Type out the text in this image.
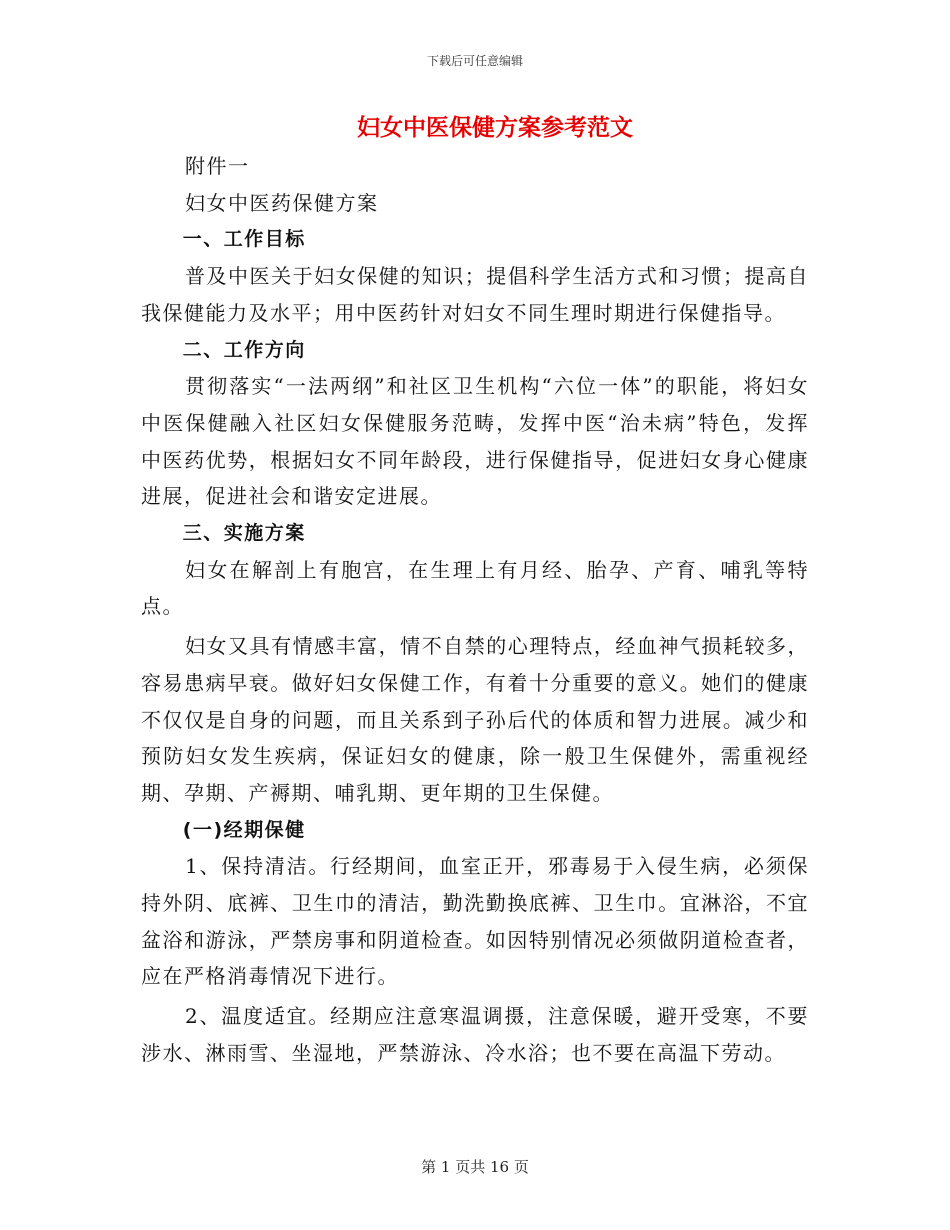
下载后可任意编辑
妇女中医保健方案参考范文

附件一

妇女中医药保健方案

一、工作目标

普及中医关于妇女保健的知识；提倡科学生活方式和习惯；提高自我保健能力及水平；用中医药针对妇女不同生理时期进行保健指导。

二、工作方向

贯彻落实“一法两纲”和社区卫生机构“六位一体”的职能，将妇女中医保健融入社区妇女保健服务范畴，发挥中医“治未病”特色，发挥中医药优势，根据妇女不同年龄段，进行保健指导，促进妇女身心健康进展，促进社会和谐安定进展。

三、实施方案

妇女在解剖上有胞宫，在生理上有月经、胎孕、产育、哺乳等特点。

妇女又具有情感丰富，情不自禁的心理特点，经血神气损耗较多，容易患病早衰。做好妇女保健工作，有着十分重要的意义。她们的健康不仅仅是自身的问题，而且关系到子孙后代的体质和智力进展。减少和预防妇女发生疾病，保证妇女的健康，除一般卫生保健外，需重视经期、孕期、产褥期、哺乳期、更年期的卫生保健。

(一)经期保健

1、保持清洁。行经期间，血室正开，邪毒易于入侵生病，必须保持外阴、底裤、卫生巾的清洁，勤洗勤换底裤、卫生巾。宜淋浴，不宜盆浴和游泳，严禁房事和阴道检查。如因特别情况必须做阴道检查者，应在严格消毒情况下进行。

2、温度适宜。经期应注意寒温调摄，注意保暖，避开受寒，不要涉水、淋雨雪、坐湿地，严禁游泳、冷水浴；也不要在高温下劳动。

第 1 页共 16 页
